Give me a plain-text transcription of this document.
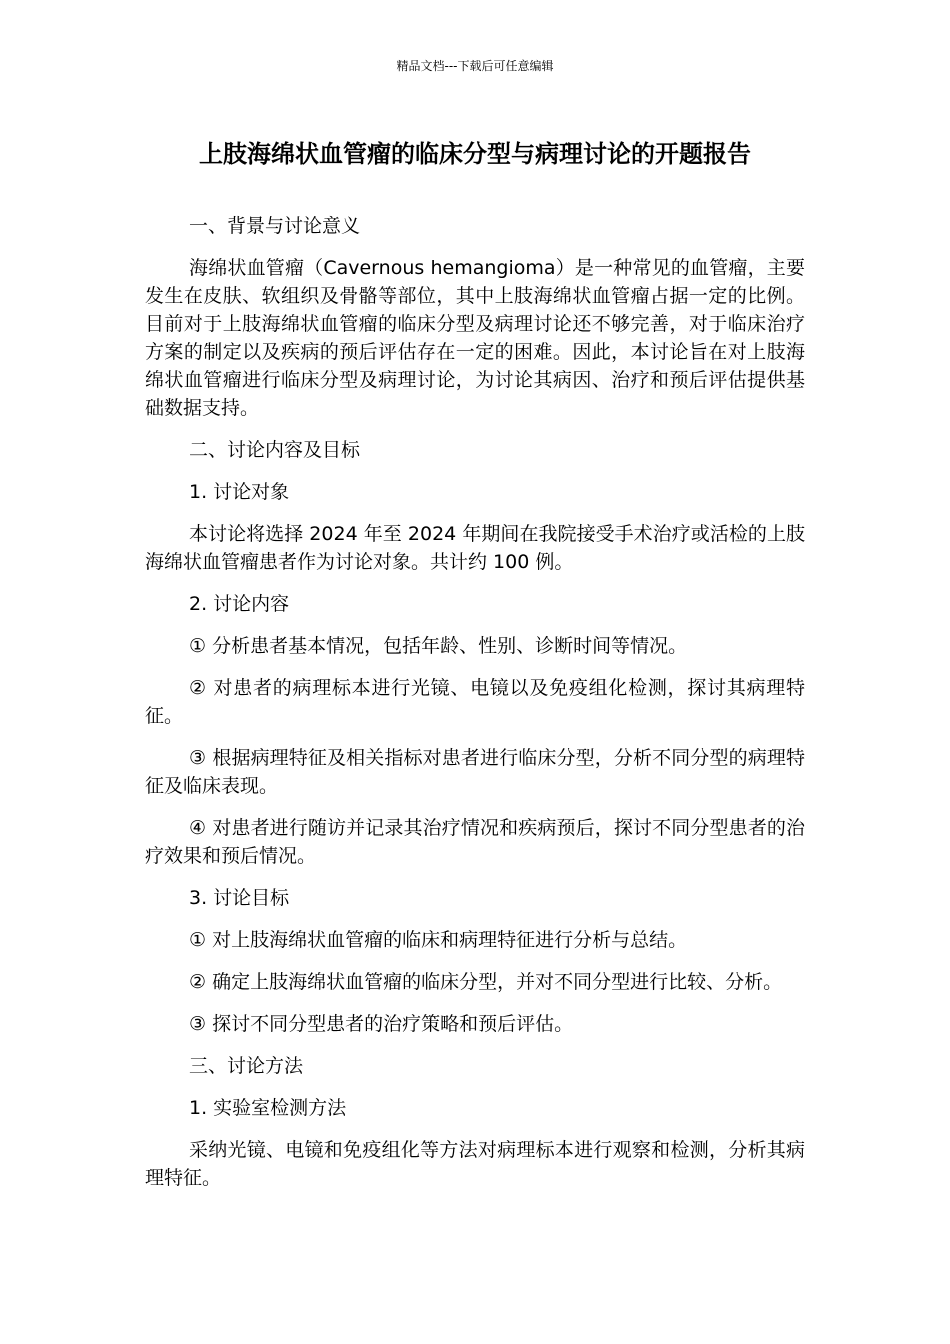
精品文档---下载后可任意编辑
上肢海绵状血管瘤的临床分型与病理讨论的开题报告

一、背景与讨论意义

海绵状血管瘤（Cavernous hemangioma）是一种常见的血管瘤，主要发生在皮肤、软组织及骨骼等部位，其中上肢海绵状血管瘤占据一定的比例。目前对于上肢海绵状血管瘤的临床分型及病理讨论还不够完善，对于临床治疗方案的制定以及疾病的预后评估存在一定的困难。因此，本讨论旨在对上肢海绵状血管瘤进行临床分型及病理讨论，为讨论其病因、治疗和预后评估提供基础数据支持。

二、讨论内容及目标

1. 讨论对象

本讨论将选择 2024 年至 2024 年期间在我院接受手术治疗或活检的上肢海绵状血管瘤患者作为讨论对象。共计约 100 例。

2. 讨论内容

① 分析患者基本情况，包括年龄、性别、诊断时间等情况。

② 对患者的病理标本进行光镜、电镜以及免疫组化检测，探讨其病理特征。

③ 根据病理特征及相关指标对患者进行临床分型，分析不同分型的病理特征及临床表现。

④ 对患者进行随访并记录其治疗情况和疾病预后，探讨不同分型患者的治疗效果和预后情况。

3. 讨论目标

① 对上肢海绵状血管瘤的临床和病理特征进行分析与总结。

② 确定上肢海绵状血管瘤的临床分型，并对不同分型进行比较、分析。

③ 探讨不同分型患者的治疗策略和预后评估。

三、讨论方法

1. 实验室检测方法

采纳光镜、电镜和免疫组化等方法对病理标本进行观察和检测，分析其病理特征。
